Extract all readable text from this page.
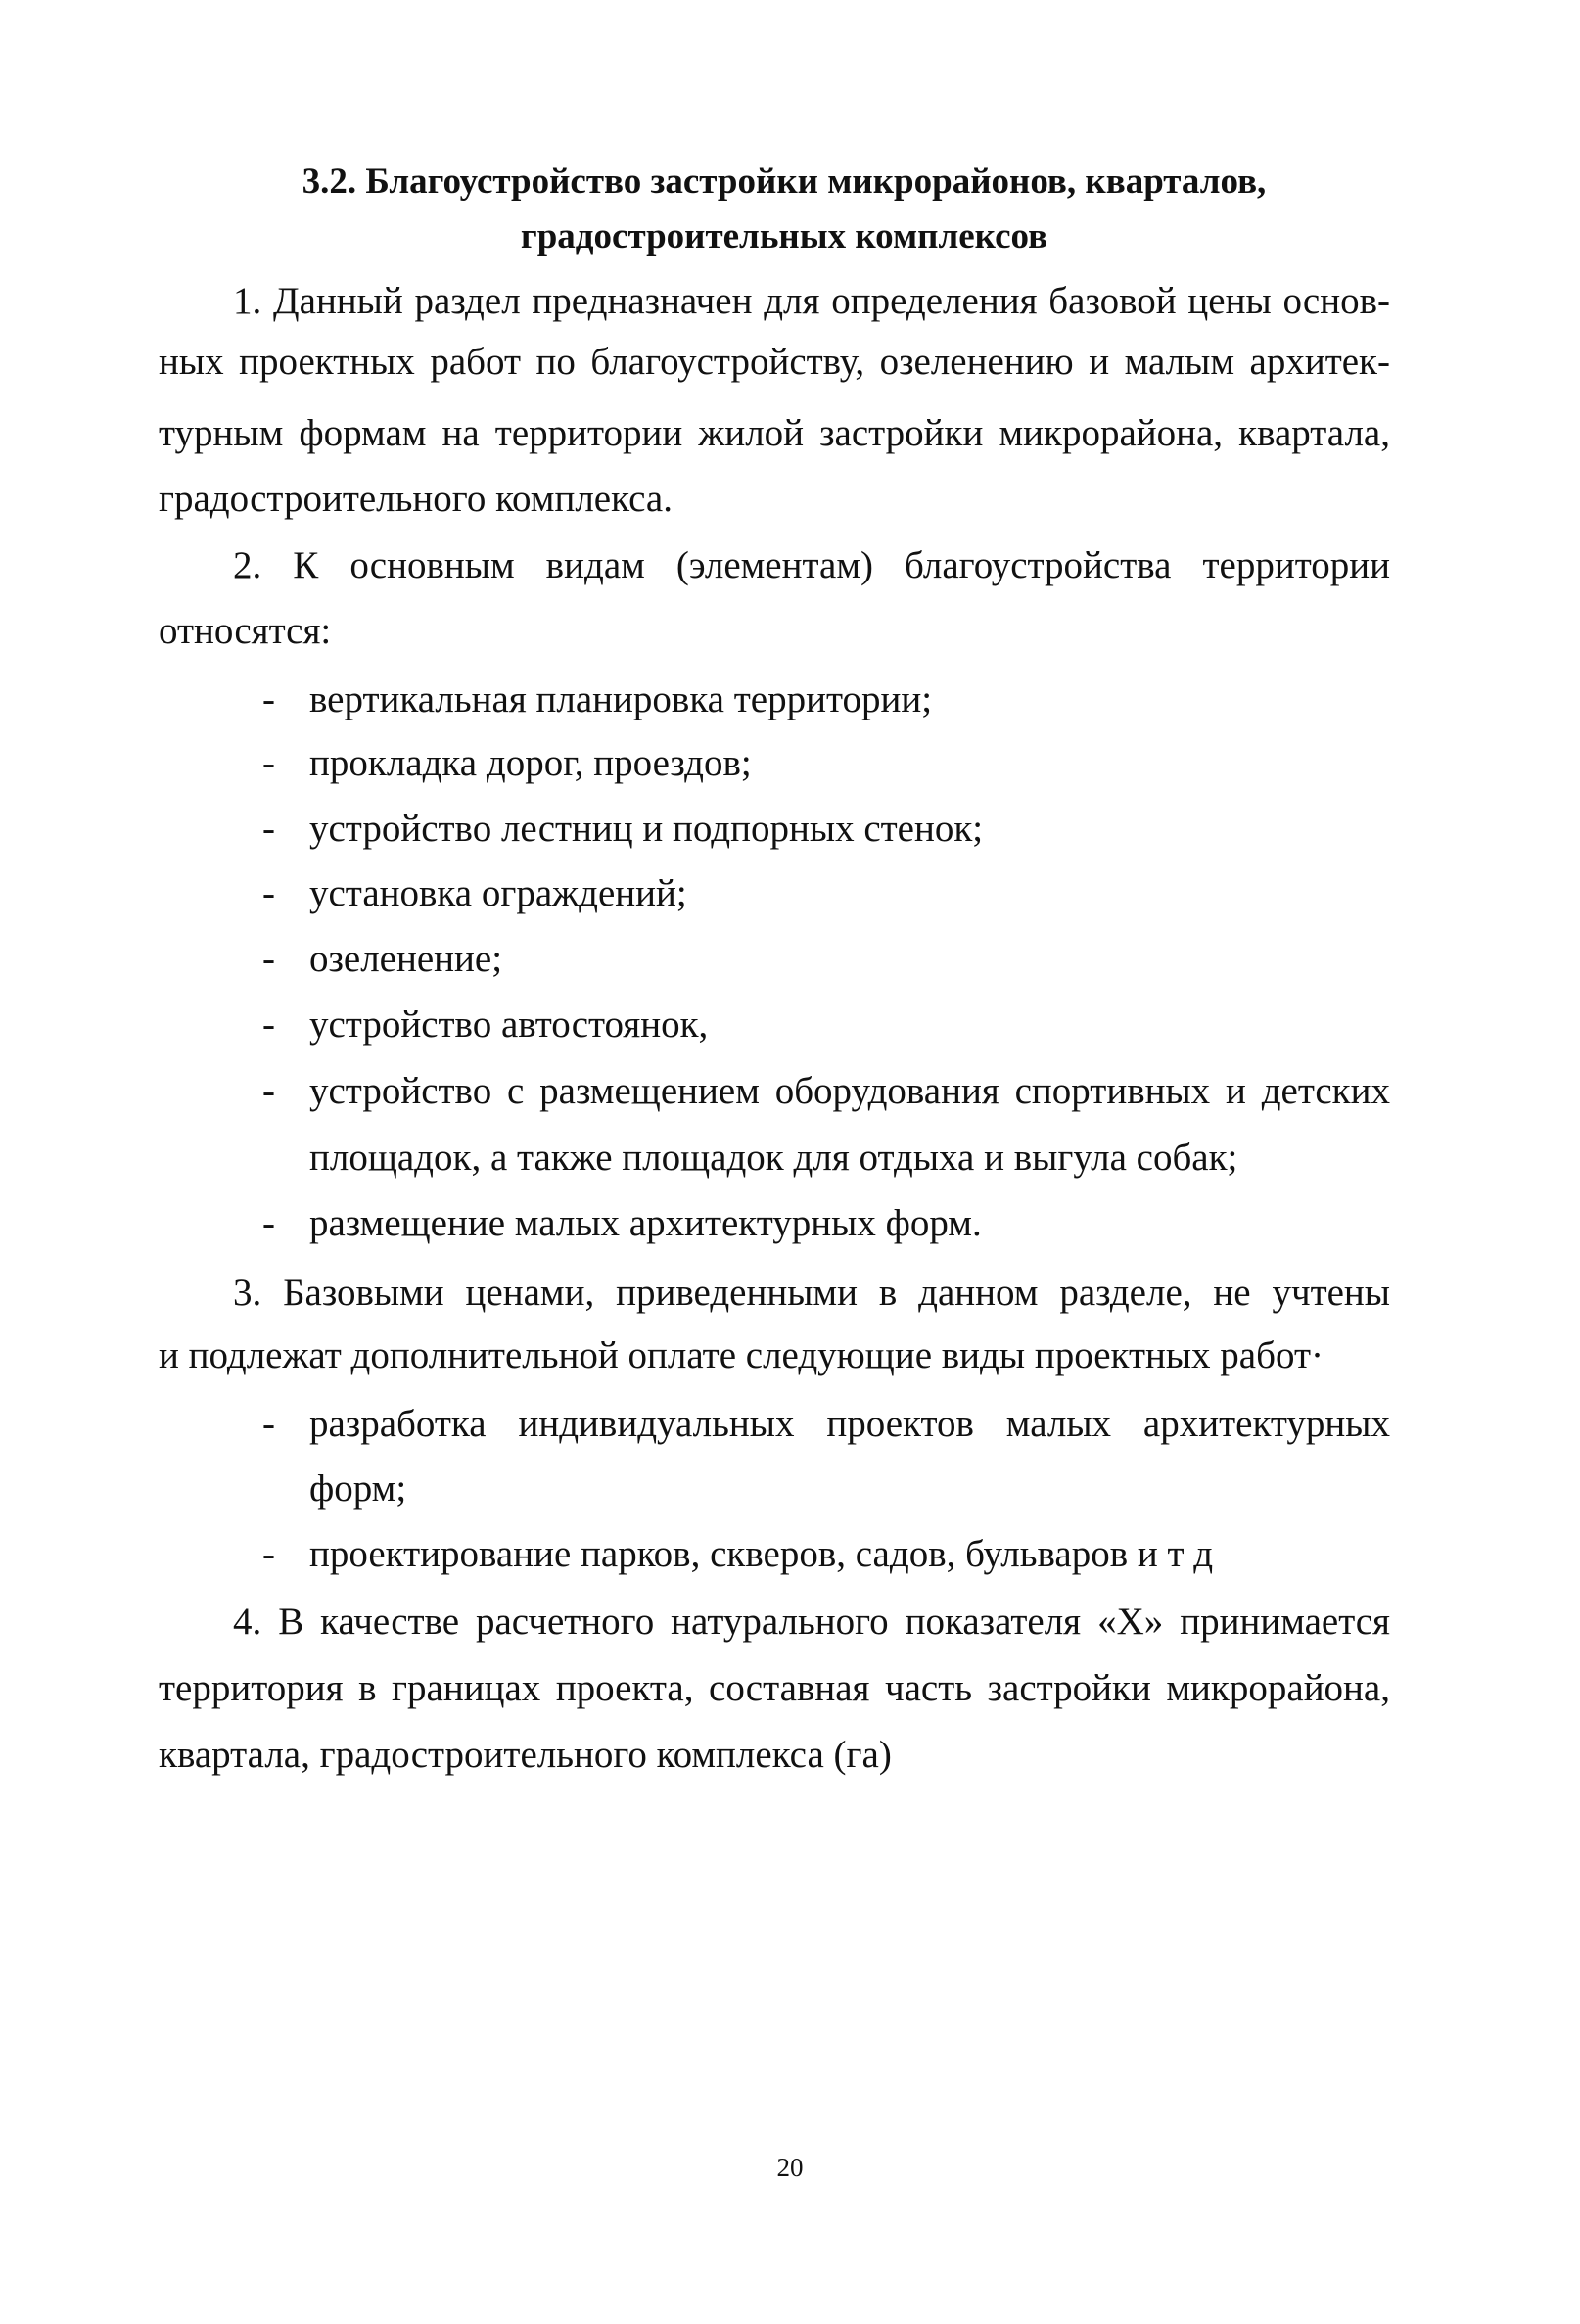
3.2. Благоустройство застройки микрорайонов, кварталов,
градостроительных комплексов
1. Данный раздел предназначен для определения базовой цены основ-
ных проектных работ по благоустройству, озеленению и малым архитек-
турным формам на территории жилой застройки микрорайона, квартала,
градостроительного комплекса.
2. К основным видам (элементам) благоустройства территории
относятся:
- вертикальная планировка территории;
- прокладка дорог, проездов;
- устройство лестниц и подпорных стенок;
- установка ограждений;
- озеленение;
- устройство автостоянок,
- устройство с размещением оборудования спортивных и детских
площадок, а также площадок для отдыха и выгула собак;
- размещение малых архитектурных форм.
3. Базовыми ценами, приведенными в данном разделе, не учтены
и подлежат дополнительной оплате следующие виды проектных работ·
- разработка индивидуальных проектов малых архитектурных
форм;
- проектирование парков, скверов, садов, бульваров и т д
4. В качестве расчетного натурального показателя «Х» принимается
территория в границах проекта, составная часть застройки микрорайона,
квартала, градостроительного комплекса (га)
20
